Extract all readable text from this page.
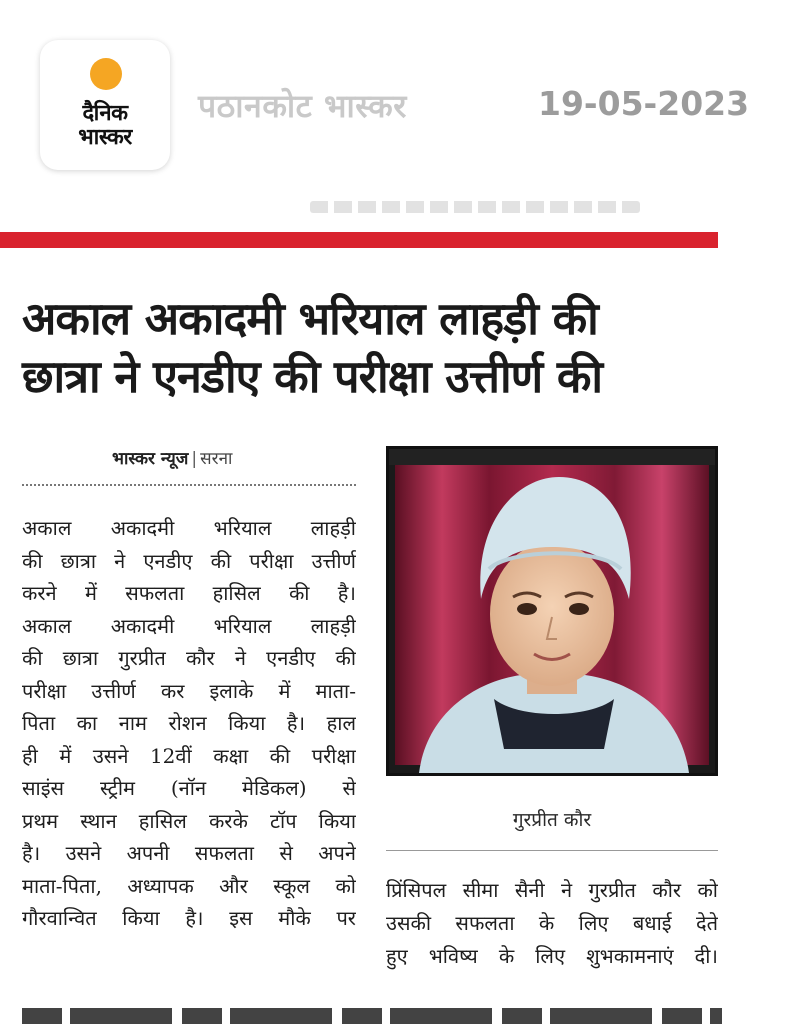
दैनिक
भास्कर
पठानकोट भास्कर	19-05-2023
अकाल अकादमी भरियाल लाहड़ी की
छात्रा ने एनडीए की परीक्षा उत्तीर्ण की
भास्कर न्यूज | सरना
अकाल अकादमी भरियाल लाहड़ी
की छात्रा ने एनडीए की परीक्षा उत्तीर्ण
करने में सफलता हासिल की है।
अकाल अकादमी भरियाल लाहड़ी
की छात्रा गुरप्रीत कौर ने एनडीए की
परीक्षा उत्तीर्ण कर इलाके में माता-
पिता का नाम रोशन किया है। हाल
ही में उसने 12वीं कक्षा की परीक्षा
साइंस स्ट्रीम (नॉन मेडिकल) से
प्रथम स्थान हासिल करके टॉप किया
है। उसने अपनी सफलता से अपने
माता-पिता, अध्यापक और स्कूल को
गौरवान्वित किया है। इस मौके पर
गुरप्रीत कौर
प्रिंसिपल सीमा सैनी ने गुरप्रीत कौर को
उसकी सफलता के लिए बधाई देते
हुए भविष्य के लिए शुभकामनाएं दी।
